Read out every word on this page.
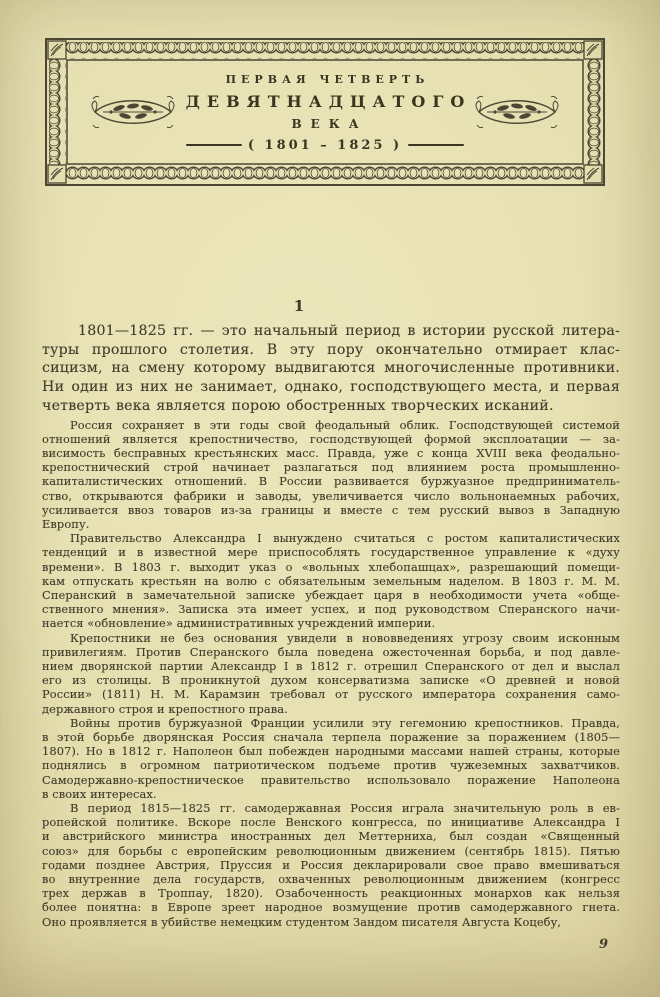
ПЕРВАЯ ЧЕТВЕРТЬ
ДЕВЯТНАДЦАТОГО
ВЕКА
( 1801 – 1825 )
1
1801—1825 гг. — это начальный период в истории русской литера-
туры прошлого столетия. В эту пору окончательно отмирает клас-
сицизм, на смену которому выдвигаются многочисленные противники.
Ни один из них не занимает, однако, господствующего места, и первая
четверть века является порою обостренных творческих исканий.
Россия сохраняет в эти годы свой феодальный облик. Господствующей системой
отношений является крепостничество, господствующей формой эксплоатации — за-
висимость бесправных крестьянских масс. Правда, уже с конца XVIII века феодально-
крепостнический строй начинает разлагаться под влиянием роста промышленно-
капиталистических отношений. В России развивается буржуазное предприниматель-
ство, открываются фабрики и заводы, увеличивается число вольнонаемных рабочих,
усиливается ввоз товаров из-за границы и вместе с тем русский вывоз в Западную
Европу.
Правительство Александра I вынуждено считаться с ростом капиталистических
тенденций и в известной мере приспособлять государственное управление к «духу
времени». В 1803 г. выходит указ о «вольных хлебопашцах», разрешающий помещи-
кам отпускать крестьян на волю с обязательным земельным наделом. В 1803 г. М. М.
Сперанский в замечательной записке убеждает царя в необходимости учета «обще-
ственного мнения». Записка эта имеет успех, и под руководством Сперанского начи-
нается «обновление» административных учреждений империи.
Крепостники не без основания увидели в нововведениях угрозу своим исконным
привилегиям. Против Сперанского была поведена ожесточенная борьба, и под давле-
нием дворянской партии Александр I в 1812 г. отрешил Сперанского от дел и выслал
его из столицы. В проникнутой духом консерватизма записке «О древней и новой
России» (1811) Н. М. Карамзин требовал от русского императора сохранения само-
державного строя и крепостного права.
Войны против буржуазной Франции усилили эту гегемонию крепостников. Правда,
в этой борьбе дворянская Россия сначала терпела поражение за поражением (1805—
1807). Но в 1812 г. Наполеон был побежден народными массами нашей страны, которые
поднялись в огромном патриотическом подъеме против чужеземных захватчиков.
Самодержавно-крепостническое правительство использовало поражение Наполеона
в своих интересах.
В период 1815—1825 гг. самодержавная Россия играла значительную роль в ев-
ропейской политике. Вскоре после Венского конгресса, по инициативе Александра I
и австрийского министра иностранных дел Меттерниха, был создан «Священный
союз» для борьбы с европейским революционным движением (сентябрь 1815). Пятью
годами позднее Австрия, Пруссия и Россия декларировали свое право вмешиваться
во внутренние дела государств, охваченных революционным движением (конгресс
трех держав в Троппау, 1820). Озабоченность реакционных монархов как нельзя
более понятна: в Европе зреет народное возмущение против самодержавного гнета.
Оно проявляется в убийстве немецким студентом Зандом писателя Августа Коцебу,
9
